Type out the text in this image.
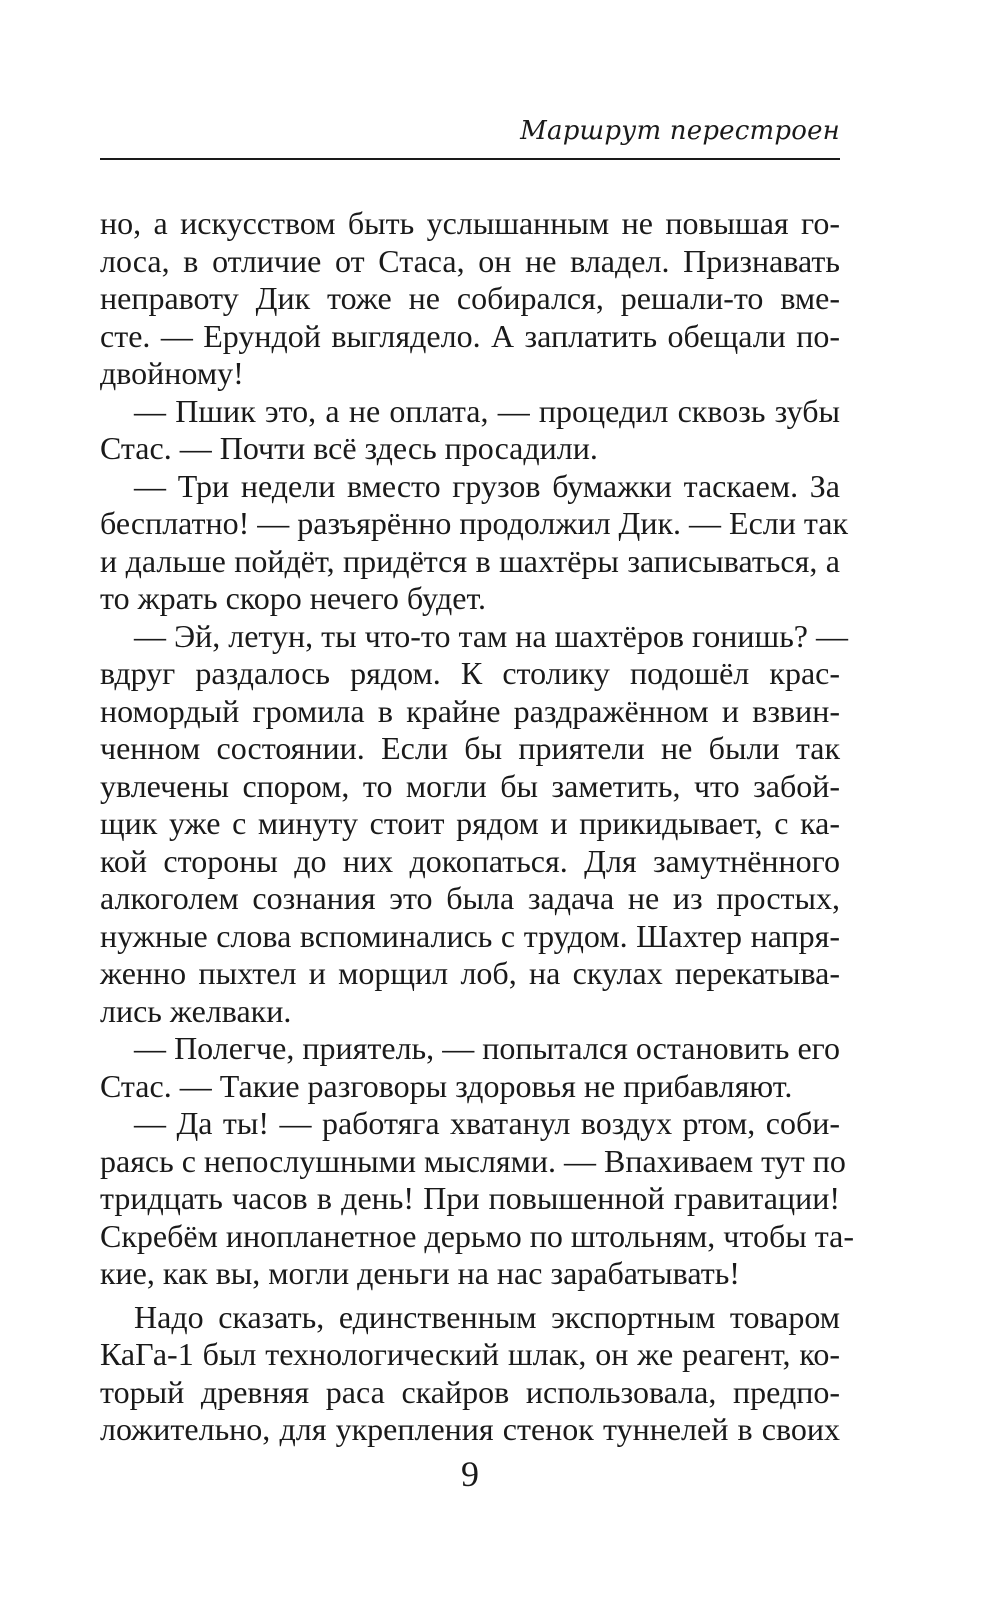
Маршрут перестроен
но, а искусством быть услышанным не повышая го-
лоса, в отличие от Стаса, он не владел. Признавать
неправоту Дик тоже не собирался, решали-то вме-
сте. — Ерундой выглядело. А заплатить обещали по-
двойному!
— Пшик это, а не оплата, — процедил сквозь зубы
Стас. — Почти всё здесь просадили.
— Три недели вместо грузов бумажки таскаем. За
бесплатно! — разъярённо продолжил Дик. — Если так
и дальше пойдёт, придётся в шахтёры записываться, а
то жрать скоро нечего будет.
— Эй, летун, ты что-то там на шахтёров гонишь? —
вдруг раздалось рядом. К столику подошёл крас-
номордый громила в крайне раздражённом и взвин-
ченном состоянии. Если бы приятели не были так
увлечены спором, то могли бы заметить, что забой-
щик уже с минуту стоит рядом и прикидывает, с ка-
кой стороны до них докопаться. Для замутнённого
алкоголем сознания это была задача не из простых,
нужные слова вспоминались с трудом. Шахтер напря-
женно пыхтел и морщил лоб, на скулах перекатыва-
лись желваки.
— Полегче, приятель, — попытался остановить его
Стас. — Такие разговоры здоровья не прибавляют.
— Да ты! — работяга хватанул воздух ртом, соби-
раясь с непослушными мыслями. — Впахиваем тут по
тридцать часов в день! При повышенной гравитации!
Скребём инопланетное дерьмо по штольням, чтобы та-
кие, как вы, могли деньги на нас зарабатывать!
Надо сказать, единственным экспортным товаром
КаГа-1 был технологический шлак, он же реагент, ко-
торый древняя раса скайров использовала, предпо-
ложительно, для укрепления стенок туннелей в своих
9
